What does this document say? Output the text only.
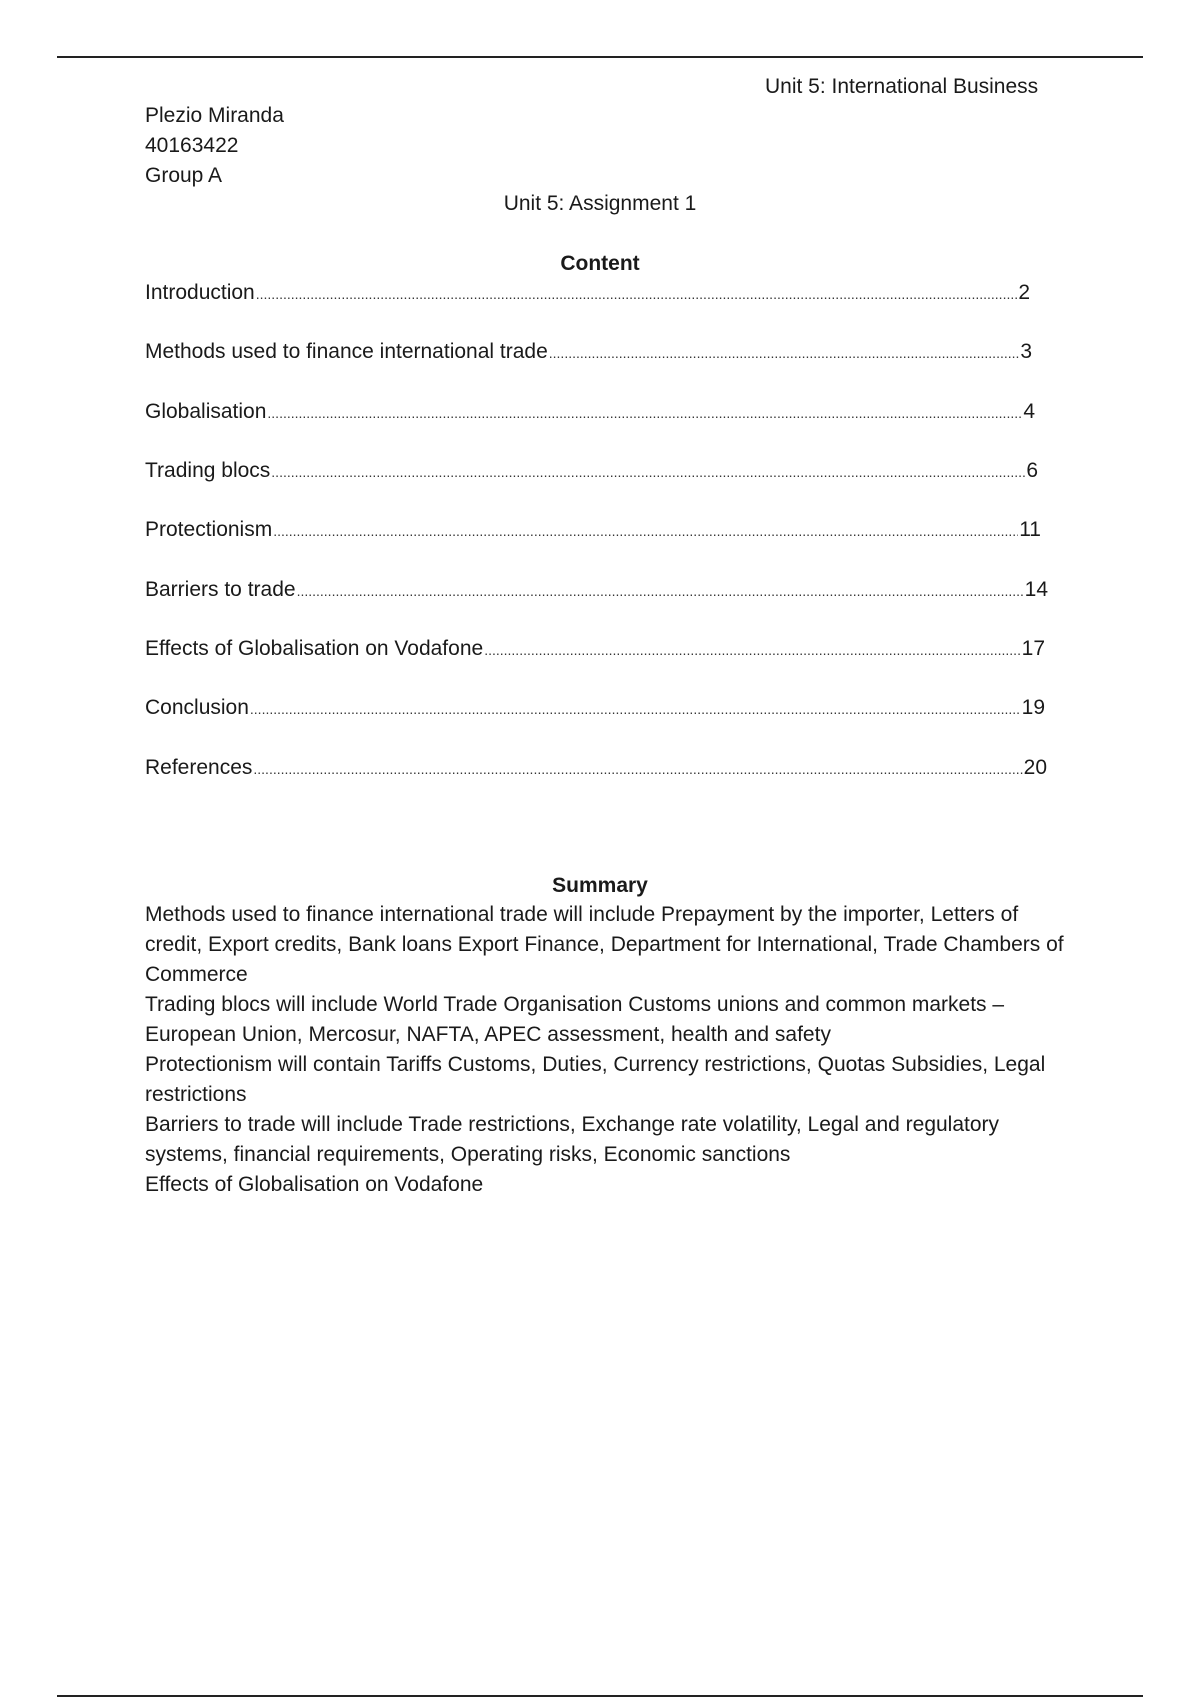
Unit 5: International Business
Plezio Miranda
40163422
Group A
Unit 5: Assignment 1
Content
Introduction .....	2
Methods used to finance international trade .....	3
Globalisation .....	4
Trading blocs .....	6
Protectionism .....	11
Barriers to trade .....	14
Effects of Globalisation on Vodafone .....	17
Conclusion .....	19
References .....	20
Summary

Methods used to finance international trade will include Prepayment by the importer, Letters of credit, Export credits, Bank loans Export Finance, Department for International, Trade Chambers of Commerce

Trading blocs will include World Trade Organisation Customs unions and common markets – European Union, Mercosur, NAFTA, APEC assessment, health and safety

Protectionism will contain Tariffs Customs, Duties, Currency restrictions, Quotas Subsidies, Legal restrictions

Barriers to trade will include Trade restrictions, Exchange rate volatility, Legal and regulatory systems, financial requirements, Operating risks, Economic sanctions

Effects of Globalisation on Vodafone
